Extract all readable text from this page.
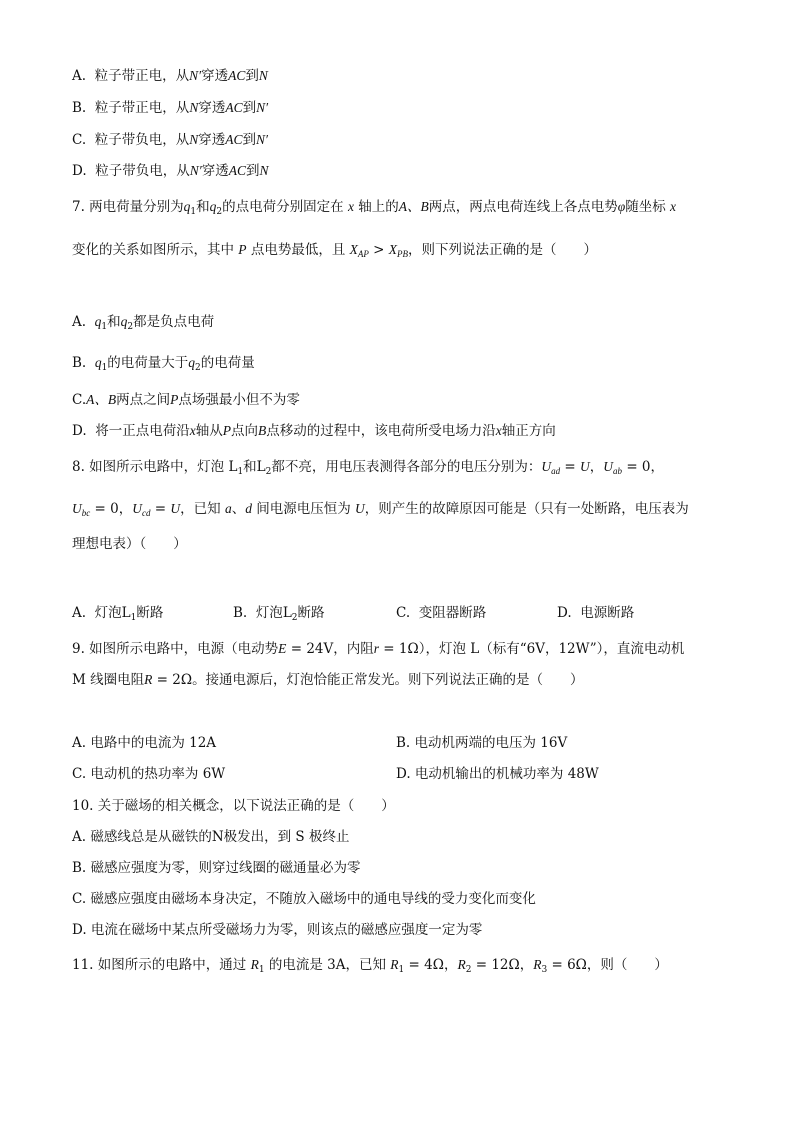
A. 粒子带正电，从N′穿透AC到N
B. 粒子带正电，从N穿透AC到N′
C. 粒子带负电，从N穿透AC到N′
D. 粒子带负电，从N′穿透AC到N
7. 两电荷量分别为$q_1$和$q_2$的点电荷分别固定在 x 轴上的A、B两点，两点电荷连线上各点电势φ随坐标 x
变化的关系如图所示，其中 P 点电势最低，且 $X_{AP} > X_{PB}$，则下列说法正确的是（　　）
A. $q_1$和$q_2$都是负点电荷
B. $q_1$的电荷量大于$q_2$的电荷量
C.A、B两点之间P点场强最小但不为零
D. 将一正点电荷沿x轴从P点向B点移动的过程中，该电荷所受电场力沿x轴正方向
8. 如图所示电路中，灯泡 $L_1$和$L_2$都不亮，用电压表测得各部分的电压分别为：$U_{ad} = U$，$U_{ab} = 0$，
$U_{bc} = 0$，$U_{cd} = U$，已知 a、d 间电源电压恒为 U，则产生的故障原因可能是（只有一处断路，电压表为
理想电表）（　　）
A. 灯泡$L_1$断路	B. 灯泡$L_2$断路	C. 变阻器断路	D. 电源断路
9. 如图所示电路中，电源（电动势E = 24V，内阻r = 1Ω），灯泡 L（标有“6V，12W”），直流电动机
M 线圈电阻R = 2Ω。接通电源后，灯泡恰能正常发光。则下列说法正确的是（　　）
A. 电路中的电流为 12A	B. 电动机两端的电压为 16V
C. 电动机的热功率为 6W	D. 电动机输出的机械功率为 48W
10. 关于磁场的相关概念，以下说法正确的是（　　）
A. 磁感线总是从磁铁的N极发出，到 S 极终止
B. 磁感应强度为零，则穿过线圈的磁通量必为零
C. 磁感应强度由磁场本身决定，不随放入磁场中的通电导线的受力变化而变化
D. 电流在磁场中某点所受磁场力为零，则该点的磁感应强度一定为零
11. 如图所示的电路中，通过 $R_1$ 的电流是 3A，已知 $R_1 = 4\Omega$，$R_2 = 12\Omega$，$R_3 = 6\Omega$，则（　　）
